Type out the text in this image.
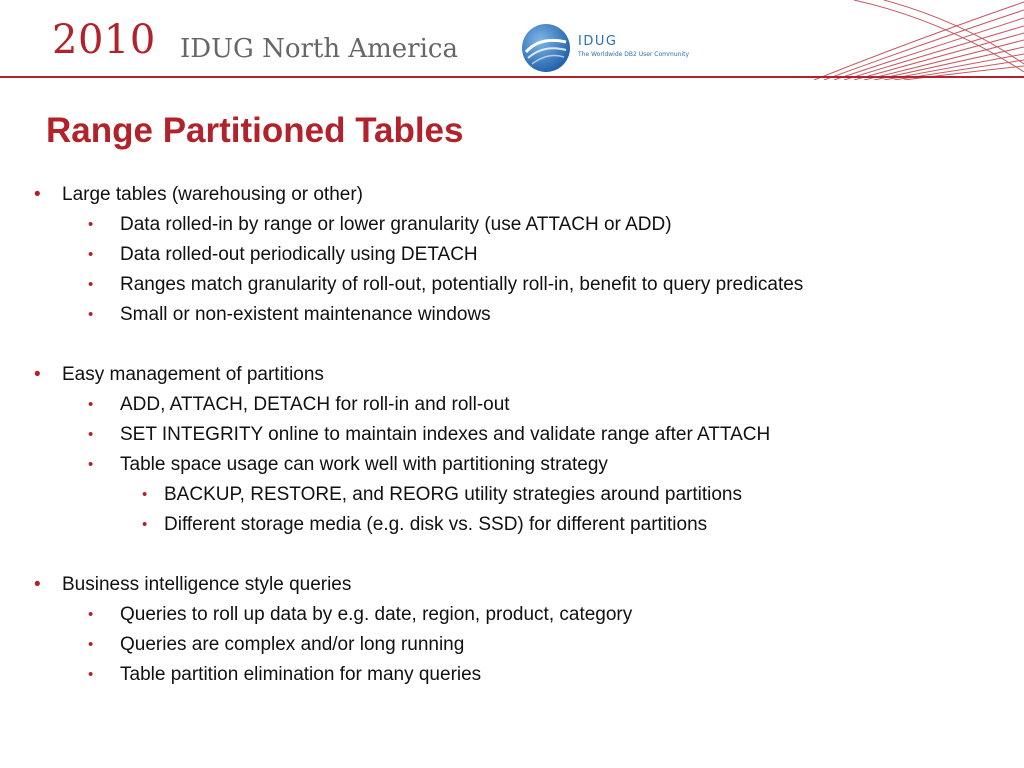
2010 IDUG North America	IDUG
The Worldwide DB2 User Community
Range Partitioned Tables
• Large tables (warehousing or other)
• Data rolled-in by range or lower granularity (use ATTACH or ADD)
• Data rolled-out periodically using DETACH
• Ranges match granularity of roll-out, potentially roll-in, benefit to query predicates
• Small or non-existent maintenance windows
• Easy management of partitions
• ADD, ATTACH, DETACH for roll-in and roll-out
• SET INTEGRITY online to maintain indexes and validate range after ATTACH
• Table space usage can work well with partitioning strategy
• BACKUP, RESTORE, and REORG utility strategies around partitions
• Different storage media (e.g. disk vs. SSD) for different partitions
• Business intelligence style queries
• Queries to roll up data by e.g. date, region, product, category
• Queries are complex and/or long running
• Table partition elimination for many queries
